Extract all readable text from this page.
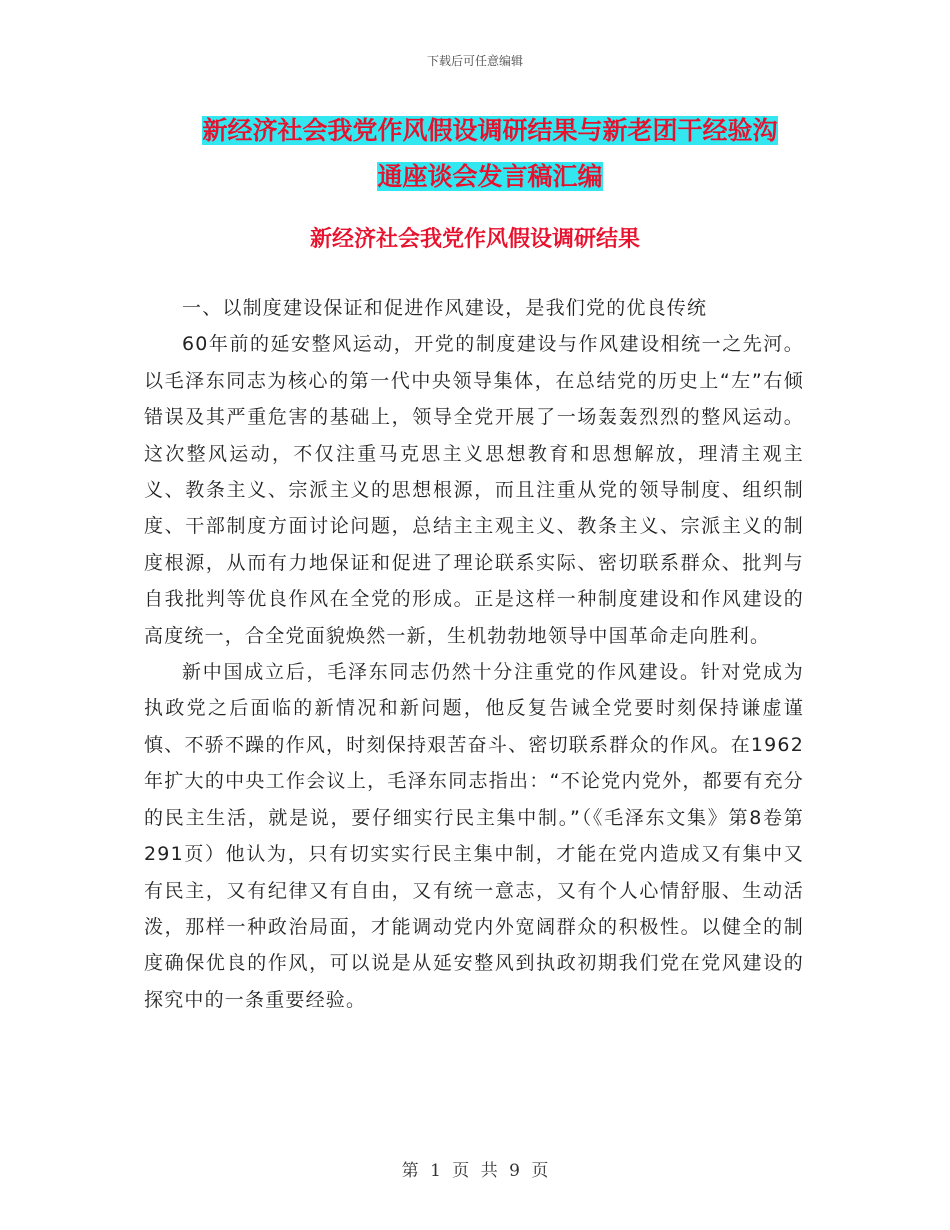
下载后可任意编辑
新经济社会我党作风假设调研结果与新老团干经验沟
通座谈会发言稿汇编
新经济社会我党作风假设调研结果

一、以制度建设保证和促进作风建设，是我们党的优良传统

60年前的延安整风运动，开党的制度建设与作风建设相统一之先河。以毛泽东同志为核心的第一代中央领导集体，在总结党的历史上“左”右倾错误及其严重危害的基础上，领导全党开展了一场轰轰烈烈的整风运动。这次整风运动，不仅注重马克思主义思想教育和思想解放，理清主观主义、教条主义、宗派主义的思想根源，而且注重从党的领导制度、组织制度、干部制度方面讨论问题，总结主主观主义、教条主义、宗派主义的制度根源，从而有力地保证和促进了理论联系实际、密切联系群众、批判与自我批判等优良作风在全党的形成。正是这样一种制度建设和作风建设的高度统一，合全党面貌焕然一新，生机勃勃地领导中国革命走向胜利。

新中国成立后，毛泽东同志仍然十分注重党的作风建设。针对党成为执政党之后面临的新情况和新问题，他反复告诫全党要时刻保持谦虚谨慎、不骄不躁的作风，时刻保持艰苦奋斗、密切联系群众的作风。在1962年扩大的中央工作会议上，毛泽东同志指出：“不论党内党外，都要有充分的民主生活，就是说，要仔细实行民主集中制。”（《毛泽东文集》第8卷第291页）他认为，只有切实实行民主集中制，才能在党内造成又有集中又有民主，又有纪律又有自由，又有统一意志，又有个人心情舒服、生动活泼，那样一种政治局面，才能调动党内外宽阔群众的积极性。以健全的制度确保优良的作风，可以说是从延安整风到执政初期我们党在党风建设的探究中的一条重要经验。

第 1 页 共 9 页
